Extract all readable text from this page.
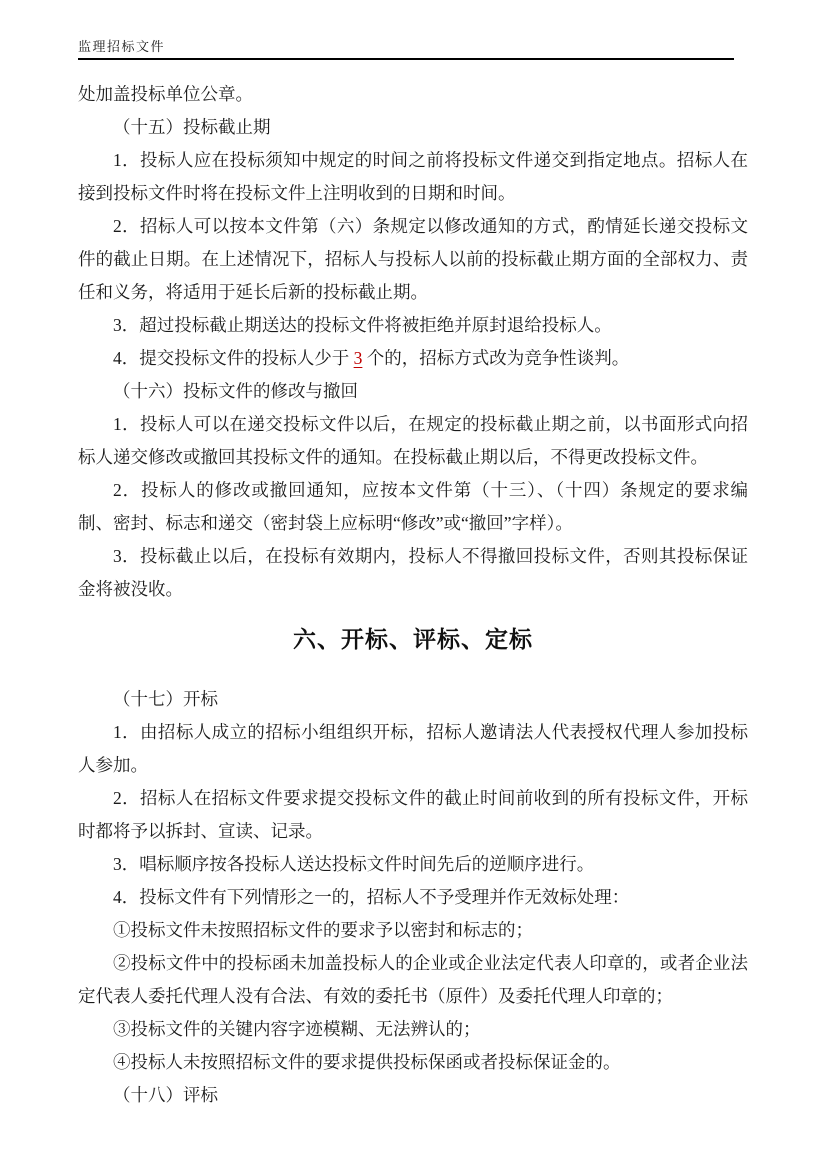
监理招标文件

处加盖投标单位公章。

（十五）投标截止期

1．投标人应在投标须知中规定的时间之前将投标文件递交到指定地点。招标人在接到投标文件时将在投标文件上注明收到的日期和时间。

2．招标人可以按本文件第（六）条规定以修改通知的方式，酌情延长递交投标文件的截止日期。在上述情况下，招标人与投标人以前的投标截止期方面的全部权力、责任和义务，将适用于延长后新的投标截止期。

3．超过投标截止期送达的投标文件将被拒绝并原封退给投标人。

4．提交投标文件的投标人少于 3 个的，招标方式改为竞争性谈判。

（十六）投标文件的修改与撤回

1．投标人可以在递交投标文件以后，在规定的投标截止期之前，以书面形式向招标人递交修改或撤回其投标文件的通知。在投标截止期以后，不得更改投标文件。

2．投标人的修改或撤回通知，应按本文件第（十三）、（十四）条规定的要求编制、密封、标志和递交（密封袋上应标明“修改”或“撤回”字样）。

3．投标截止以后，在投标有效期内，投标人不得撤回投标文件，否则其投标保证金将被没收。

六、开标、评标、定标

（十七）开标

1．由招标人成立的招标小组组织开标，招标人邀请法人代表授权代理人参加投标人参加。

2．招标人在招标文件要求提交投标文件的截止时间前收到的所有投标文件，开标时都将予以拆封、宣读、记录。

3．唱标顺序按各投标人送达投标文件时间先后的逆顺序进行。

4．投标文件有下列情形之一的，招标人不予受理并作无效标处理：

①投标文件未按照招标文件的要求予以密封和标志的；

②投标文件中的投标函未加盖投标人的企业或企业法定代表人印章的，或者企业法定代表人委托代理人没有合法、有效的委托书（原件）及委托代理人印章的；

③投标文件的关键内容字迹模糊、无法辨认的；

④投标人未按照招标文件的要求提供投标保函或者投标保证金的。

（十八）评标
